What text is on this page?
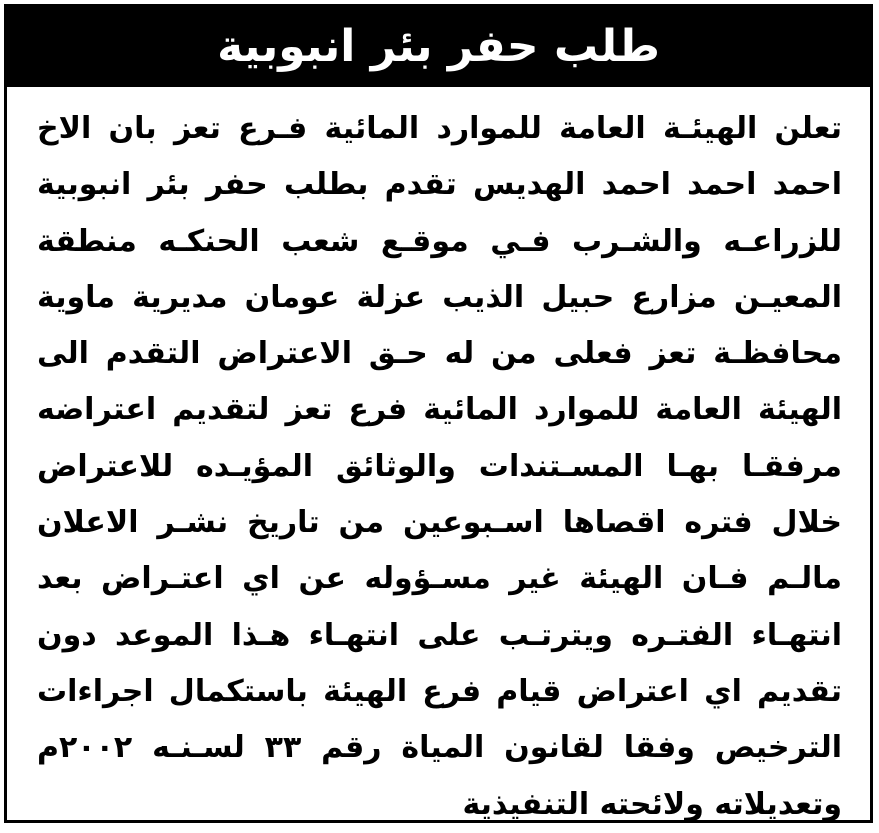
طلب حفر بئر انبوبية
تعلن الهيئـة العامة للموارد المائية فـرع تعز بان الاخ
احمد احمد احمد الهديس تقدم بطلب حفر بئر انبوبية
للزراعـه والشـرب فـي موقـع شعب الحنكـه منطقة
المعيـن مزارع حبيل الذيب عزلة عومان مديرية ماوية
محافظـة تعز فعلى من له حـق الاعتراض التقدم الى
الهيئة العامة للموارد المائية فرع تعز لتقديم اعتراضه
مرفقـا بهـا المسـتندات والوثائق المؤيـده للاعتراض
خلال فتره اقصاها اسـبوعين من تاريخ نشـر الاعلان
مالـم فـان الهيئة غير مسـؤوله عن اي اعتـراض بعد
انتهـاء الفتـره ويترتـب على انتهـاء هـذا الموعد دون
تقديم اي اعتراض قيام فرع الهيئة باستكمال اجراءات
الترخيص وفقا لقانون المياة رقم ٣٣ لسـنـه ٢٠٠٢م
وتعديلاته ولائحته التنفيذية
